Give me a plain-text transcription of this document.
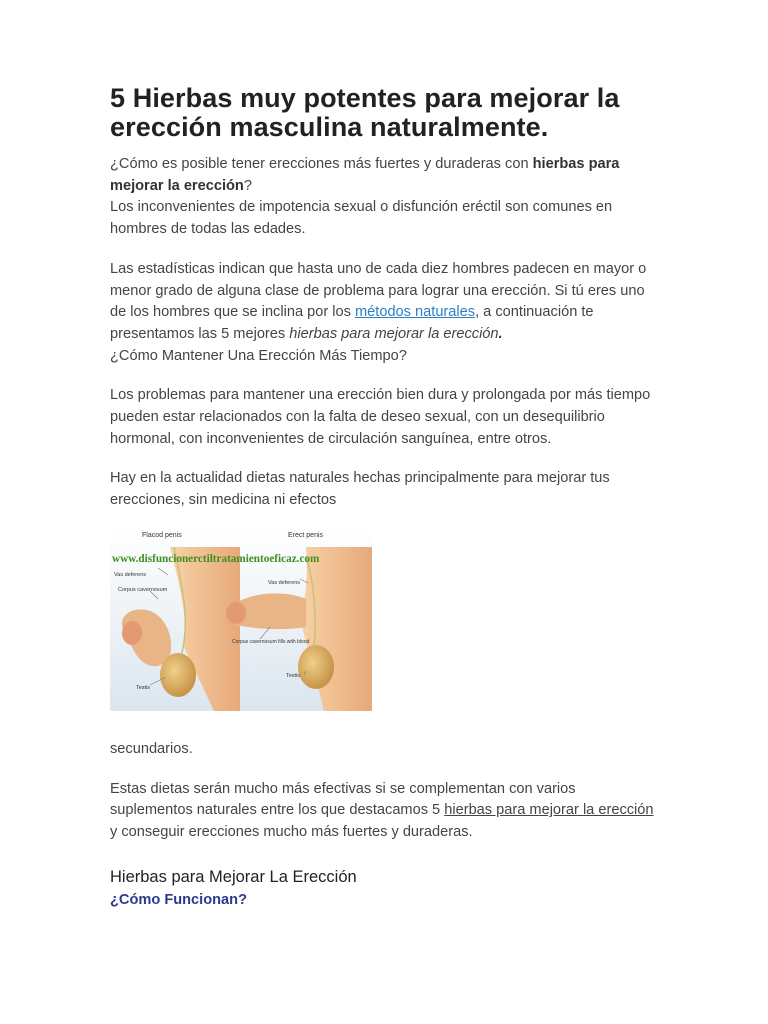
5 Hierbas muy potentes para mejorar la erección masculina naturalmente.

¿Cómo es posible tener erecciones más fuertes y duraderas con hierbas para mejorar la erección?
Los inconvenientes de impotencia sexual o disfunción eréctil son comunes en hombres de todas las edades.

Las estadísticas indican que hasta uno de cada diez hombres padecen en mayor o menor grado de alguna clase de problema para lograr una erección. Si tú eres uno de los hombres que se inclina por los métodos naturales, a continuación te presentamos las 5 mejores hierbas para mejorar la erección.
¿Cómo Mantener Una Erección Más Tiempo?

Los problemas para mantener una erección bien dura y prolongada por más tiempo pueden estar relacionados con la falta de deseo sexual, con un desequilibrio hormonal, con inconvenientes de circulación sanguínea, entre otros.

Hay en la actualidad dietas naturales hechas principalmente para mejorar tus erecciones, sin medicina ni efectos

Flacod penis	Erect penis
www.disfuncionerctiltratamientoeficaz.com
Vas deferens
Corpus cavernosum
Testis
Vas deferens
Corpus cavernosum fills with blood
Testis

secundarios.

Estas dietas serán mucho más efectivas si se complementan con varios suplementos naturales entre los que destacamos 5 hierbas para mejorar la erección y conseguir erecciones mucho más fuertes y duraderas.

Hierbas para Mejorar La Erección
¿Cómo Funcionan?
